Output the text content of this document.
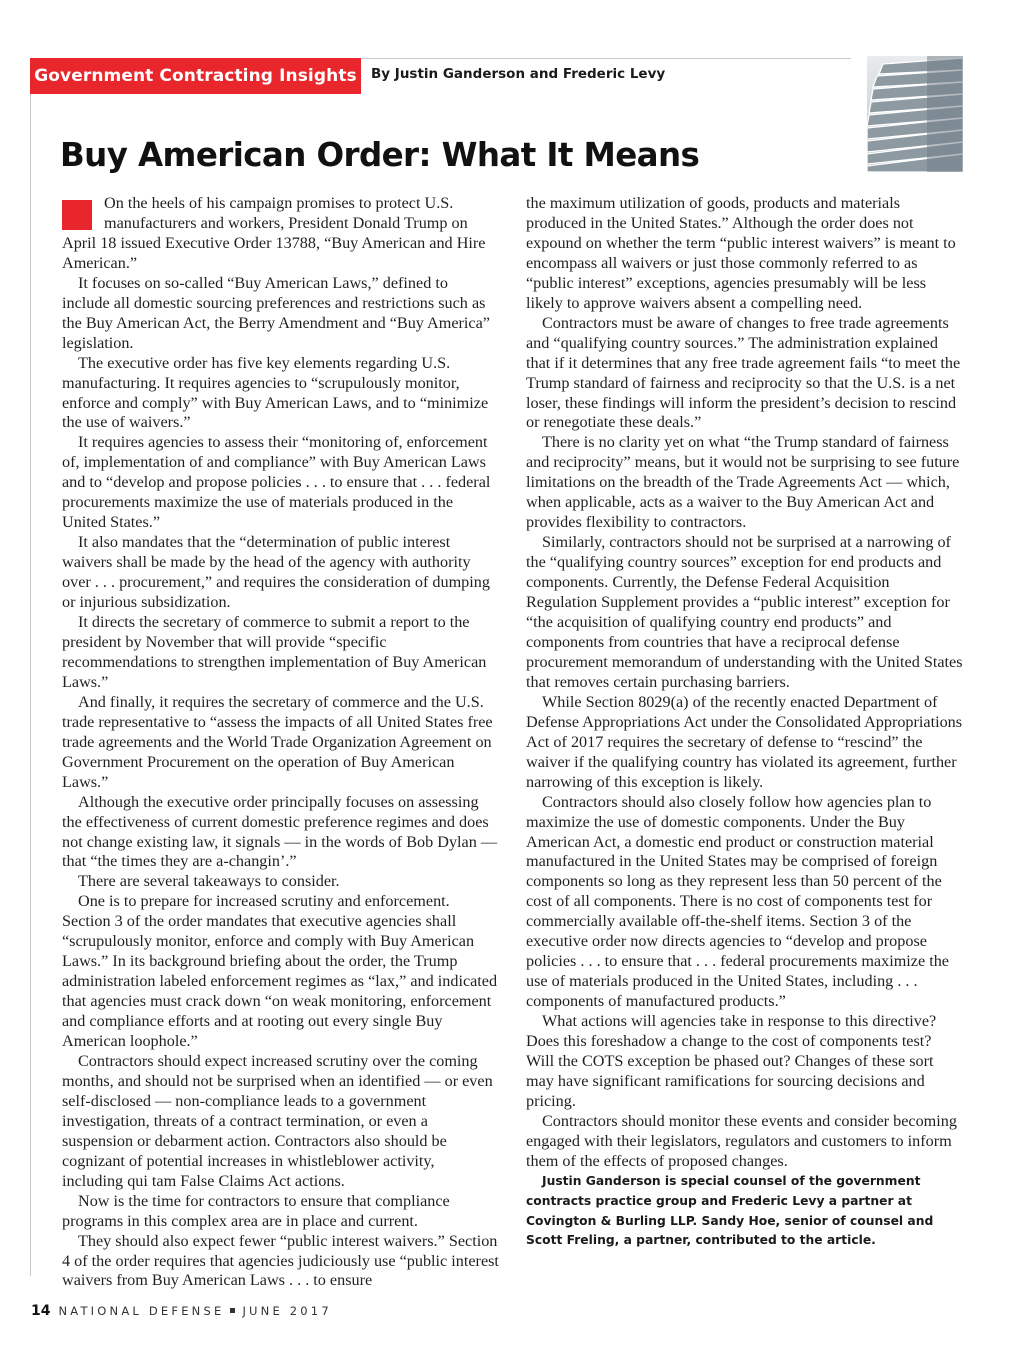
Government Contracting Insights	By Justin Ganderson and Frederic Levy
Buy American Order: What It Means

On the heels of his campaign promises to protect U.S. manufacturers and workers, President Donald Trump on April 18 issued Executive Order 13788, “Buy American and Hire American.”

It focuses on so-called “Buy American Laws,” defined to include all domestic sourcing preferences and restrictions such as the Buy American Act, the Berry Amendment and “Buy America” legislation.

The executive order has five key elements regarding U.S. manufacturing. It requires agencies to “scrupulously monitor, enforce and comply” with Buy American Laws, and to “minimize the use of waivers.”

It requires agencies to assess their “monitoring of, enforcement of, implementation of and compliance” with Buy American Laws and to “develop and propose policies . . . to ensure that . . . federal procurements maximize the use of materials produced in the United States.”

It also mandates that the “determination of public interest waivers shall be made by the head of the agency with authority over . . . procurement,” and requires the consideration of dumping or injurious subsidization.

It directs the secretary of commerce to submit a report to the president by November that will provide “specific recommendations to strengthen implementation of Buy American Laws.”

And finally, it requires the secretary of commerce and the U.S. trade representative to “assess the impacts of all United States free trade agreements and the World Trade Organization Agreement on Government Procurement on the operation of Buy American Laws.”

Although the executive order principally focuses on assessing the effectiveness of current domestic preference regimes and does not change existing law, it signals — in the words of Bob Dylan — that “the times they are a-changin’.”

There are several takeaways to consider.

One is to prepare for increased scrutiny and enforcement. Section 3 of the order mandates that executive agencies shall “scrupulously monitor, enforce and comply with Buy American Laws.” In its background briefing about the order, the Trump administration labeled enforcement regimes as “lax,” and indicated that agencies must crack down “on weak monitoring, enforcement and compliance efforts and at rooting out every single Buy American loophole.”

Contractors should expect increased scrutiny over the coming months, and should not be surprised when an identified — or even self-disclosed — non-compliance leads to a government investigation, threats of a contract termination, or even a suspension or debarment action. Contractors also should be cognizant of potential increases in whistleblower activity, including qui tam False Claims Act actions.

Now is the time for contractors to ensure that compliance programs in this complex area are in place and current.

They should also expect fewer “public interest waivers.” Section 4 of the order requires that agencies judiciously use “public interest waivers from Buy American Laws . . . to ensure

the maximum utilization of goods, products and materials produced in the United States.” Although the order does not expound on whether the term “public interest waivers” is meant to encompass all waivers or just those commonly referred to as “public interest” exceptions, agencies presumably will be less likely to approve waivers absent a compelling need.

Contractors must be aware of changes to free trade agreements and “qualifying country sources.” The administration explained that if it determines that any free trade agreement fails “to meet the Trump standard of fairness and reciprocity so that the U.S. is a net loser, these findings will inform the president’s decision to rescind or renegotiate these deals.”

There is no clarity yet on what “the Trump standard of fairness and reciprocity” means, but it would not be surprising to see future limitations on the breadth of the Trade Agreements Act — which, when applicable, acts as a waiver to the Buy American Act and provides flexibility to contractors.

Similarly, contractors should not be surprised at a narrowing of the “qualifying country sources” exception for end products and components. Currently, the Defense Federal Acquisition Regulation Supplement provides a “public interest” exception for “the acquisition of qualifying country end products” and components from countries that have a reciprocal defense procurement memorandum of understanding with the United States that removes certain purchasing barriers.

While Section 8029(a) of the recently enacted Department of Defense Appropriations Act under the Consolidated Appropriations Act of 2017 requires the secretary of defense to “rescind” the waiver if the qualifying country has violated its agreement, further narrowing of this exception is likely.

Contractors should also closely follow how agencies plan to maximize the use of domestic components. Under the Buy American Act, a domestic end product or construction material manufactured in the United States may be comprised of foreign components so long as they represent less than 50 percent of the cost of all components. There is no cost of components test for commercially available off-the-shelf items. Section 3 of the executive order now directs agencies to “develop and propose policies . . . to ensure that . . . federal procurements maximize the use of materials produced in the United States, including . . . components of manufactured products.”

What actions will agencies take in response to this directive? Does this foreshadow a change to the cost of components test? Will the COTS exception be phased out? Changes of these sort may have significant ramifications for sourcing decisions and pricing.

Contractors should monitor these events and consider becoming engaged with their legislators, regulators and customers to inform them of the effects of proposed changes.

Justin Ganderson is special counsel of the government contracts practice group and Frederic Levy a partner at Covington & Burling LLP. Sandy Hoe, senior of counsel and Scott Freling, a partner, contributed to the article.

14 NATIONAL DEFENSE JUNE 2017
